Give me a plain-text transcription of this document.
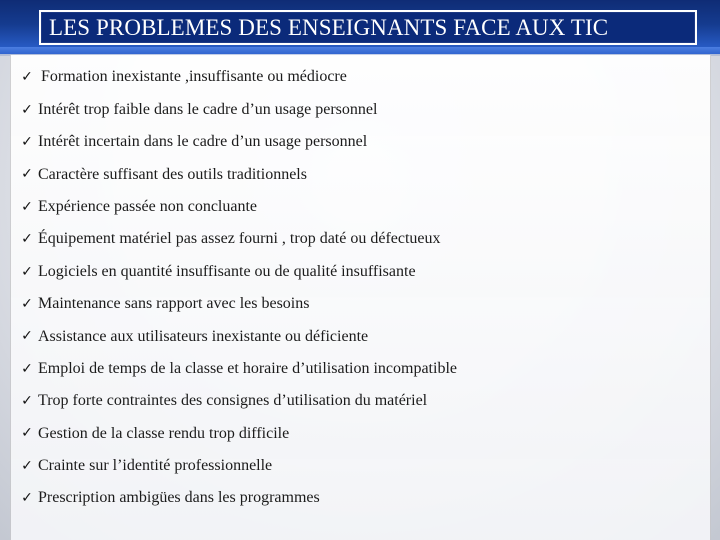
LES PROBLEMES DES ENSEIGNANTS FACE AUX TIC
✓ Formation inexistante ,insuffisante ou médiocre
✓ Intérêt trop faible dans le cadre d’un usage personnel
✓ Intérêt incertain dans le cadre d’un usage personnel
✓ Caractère suffisant des outils traditionnels
✓ Expérience passée non concluante
✓ Équipement matériel pas assez fourni , trop daté ou défectueux
✓ Logiciels en quantité insuffisante ou de qualité insuffisante
✓ Maintenance sans rapport avec les besoins
✓ Assistance aux utilisateurs inexistante ou déficiente
✓ Emploi de temps de la classe et horaire d’utilisation incompatible
✓ Trop forte contraintes des consignes d’utilisation du matériel
✓ Gestion de la classe rendu trop difficile
✓ Crainte sur l’identité professionnelle
✓ Prescription ambigües dans les programmes
